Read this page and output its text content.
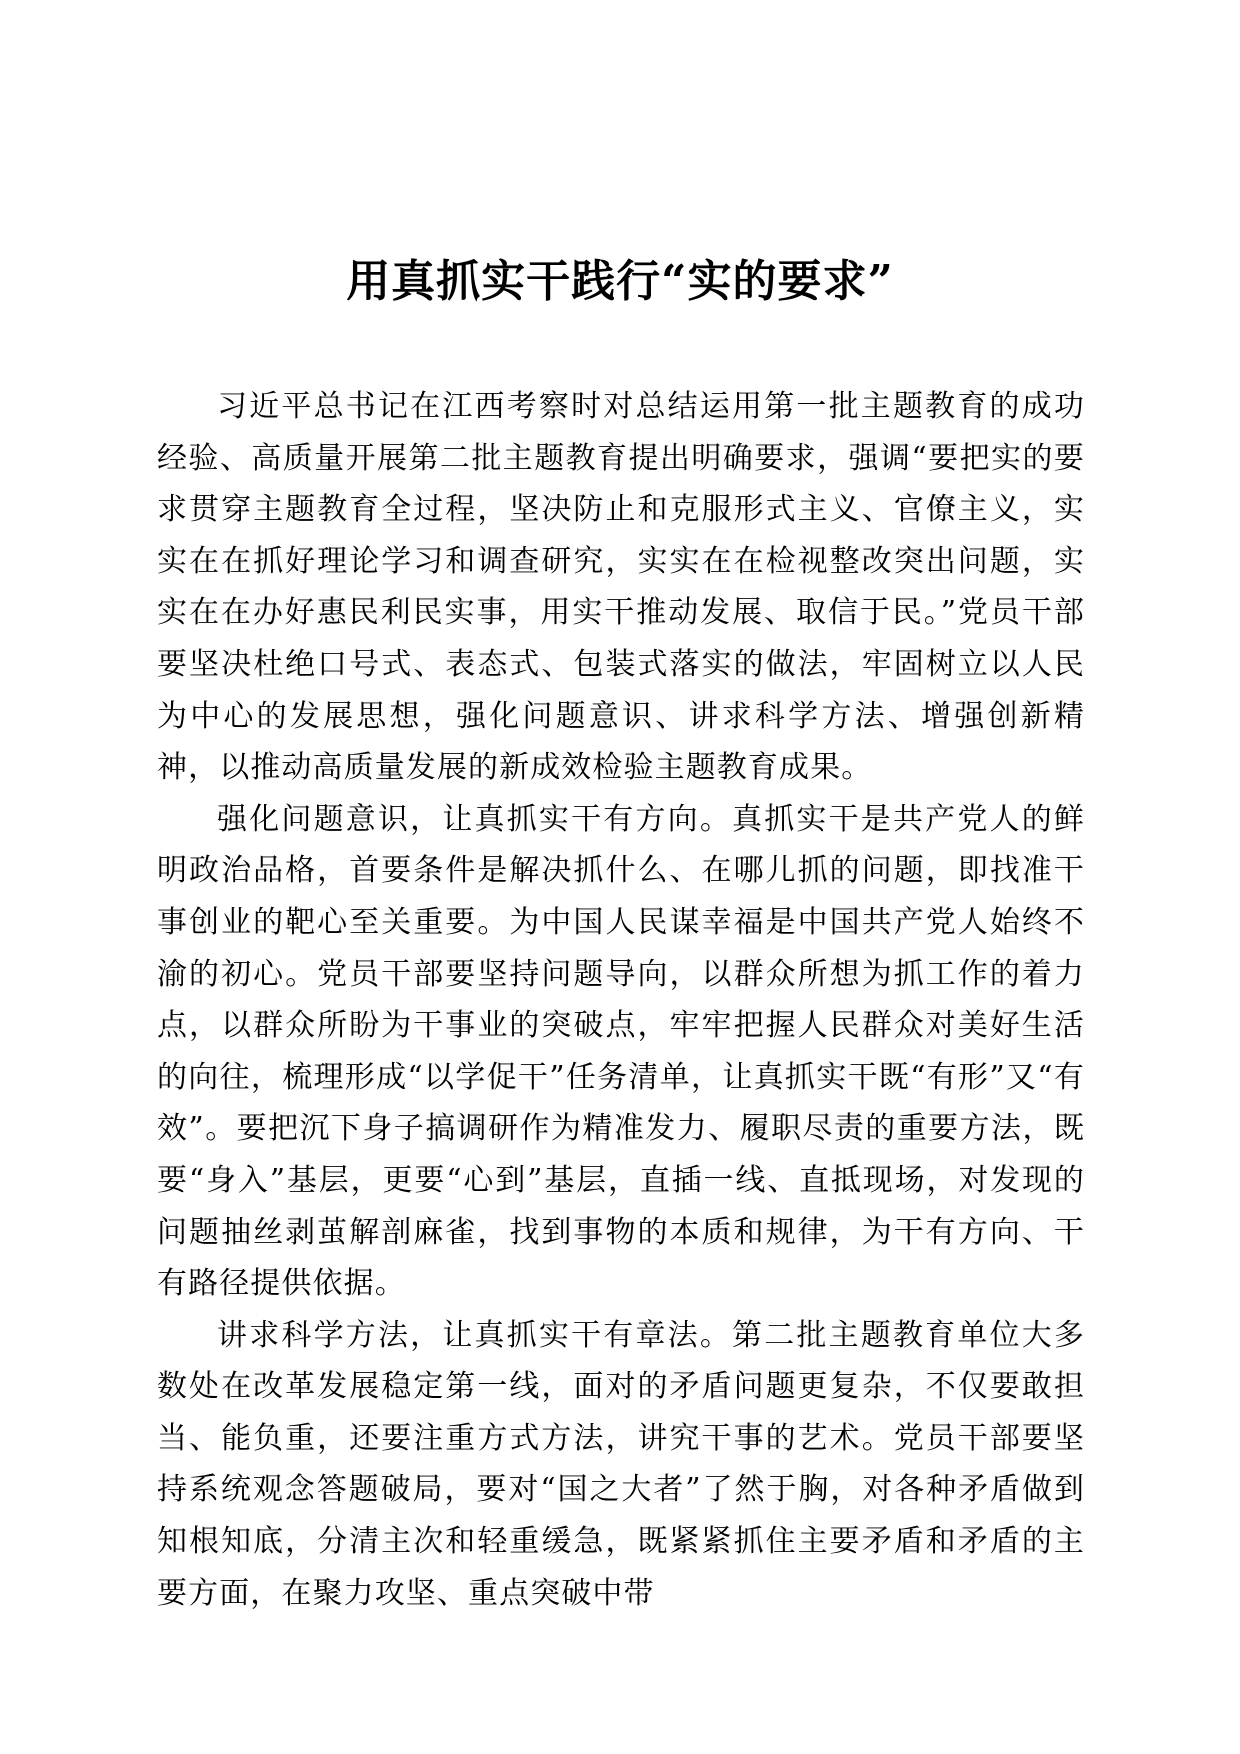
用真抓实干践行“实的要求”

习近平总书记在江西考察时对总结运用第一批主题教育的成功经验、高质量开展第二批主题教育提出明确要求，强调“要把实的要求贯穿主题教育全过程，坚决防止和克服形式主义、官僚主义，实实在在抓好理论学习和调查研究，实实在在检视整改突出问题，实实在在办好惠民利民实事，用实干推动发展、取信于民。”党员干部要坚决杜绝口号式、表态式、包装式落实的做法，牢固树立以人民为中心的发展思想，强化问题意识、讲求科学方法、增强创新精神，以推动高质量发展的新成效检验主题教育成果。

强化问题意识，让真抓实干有方向。真抓实干是共产党人的鲜明政治品格，首要条件是解决抓什么、在哪儿抓的问题，即找准干事创业的靶心至关重要。为中国人民谋幸福是中国共产党人始终不渝的初心。党员干部要坚持问题导向，以群众所想为抓工作的着力点，以群众所盼为干事业的突破点，牢牢把握人民群众对美好生活的向往，梳理形成“以学促干”任务清单，让真抓实干既“有形”又“有效”。要把沉下身子搞调研作为精准发力、履职尽责的重要方法，既要“身入”基层，更要“心到”基层，直插一线、直抵现场，对发现的问题抽丝剥茧解剖麻雀，找到事物的本质和规律，为干有方向、干有路径提供依据。

讲求科学方法，让真抓实干有章法。第二批主题教育单位大多数处在改革发展稳定第一线，面对的矛盾问题更复杂，不仅要敢担当、能负重，还要注重方式方法，讲究干事的艺术。党员干部要坚持系统观念答题破局，要对“国之大者”了然于胸，对各种矛盾做到知根知底，分清主次和轻重缓急，既紧紧抓住主要矛盾和矛盾的主要方面，在聚力攻坚、重点突破中带
